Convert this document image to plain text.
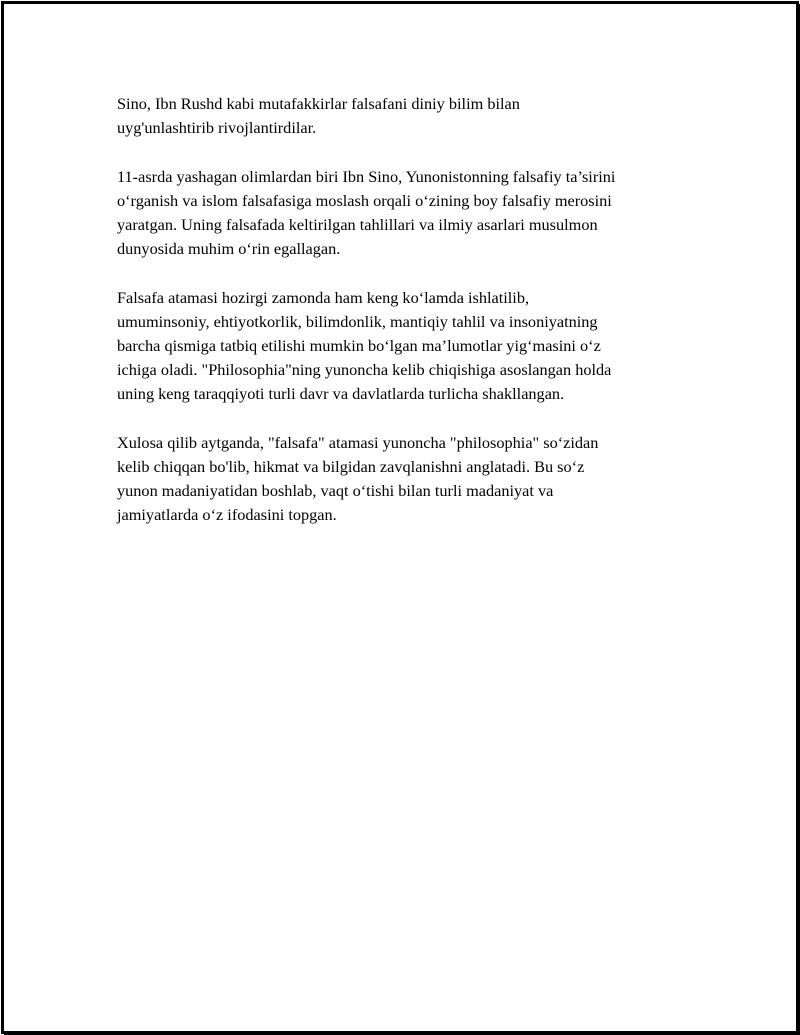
Sino, Ibn Rushd kabi mutafakkirlar falsafani diniy bilim bilan
uyg'unlashtirib rivojlantirdilar.

11-asrda yashagan olimlardan biri Ibn Sino, Yunonistonning falsafiy ta’sirini
o‘rganish va islom falsafasiga moslash orqali o‘zining boy falsafiy merosini
yaratgan. Uning falsafada keltirilgan tahlillari va ilmiy asarlari musulmon
dunyosida muhim o‘rin egallagan.

Falsafa atamasi hozirgi zamonda ham keng ko‘lamda ishlatilib,
umuminsoniy, ehtiyotkorlik, bilimdonlik, mantiqiy tahlil va insoniyatning
barcha qismiga tatbiq etilishi mumkin bo‘lgan ma’lumotlar yig‘masini o‘z
ichiga oladi. "Philosophia"ning yunoncha kelib chiqishiga asoslangan holda
uning keng taraqqiyoti turli davr va davlatlarda turlicha shakllangan.

Xulosa qilib aytganda, "falsafa" atamasi yunoncha "philosophia" so‘zidan
kelib chiqqan bo'lib, hikmat va bilgidan zavqlanishni anglatadi. Bu so‘z
yunon madaniyatidan boshlab, vaqt o‘tishi bilan turli madaniyat va
jamiyatlarda o‘z ifodasini topgan.
